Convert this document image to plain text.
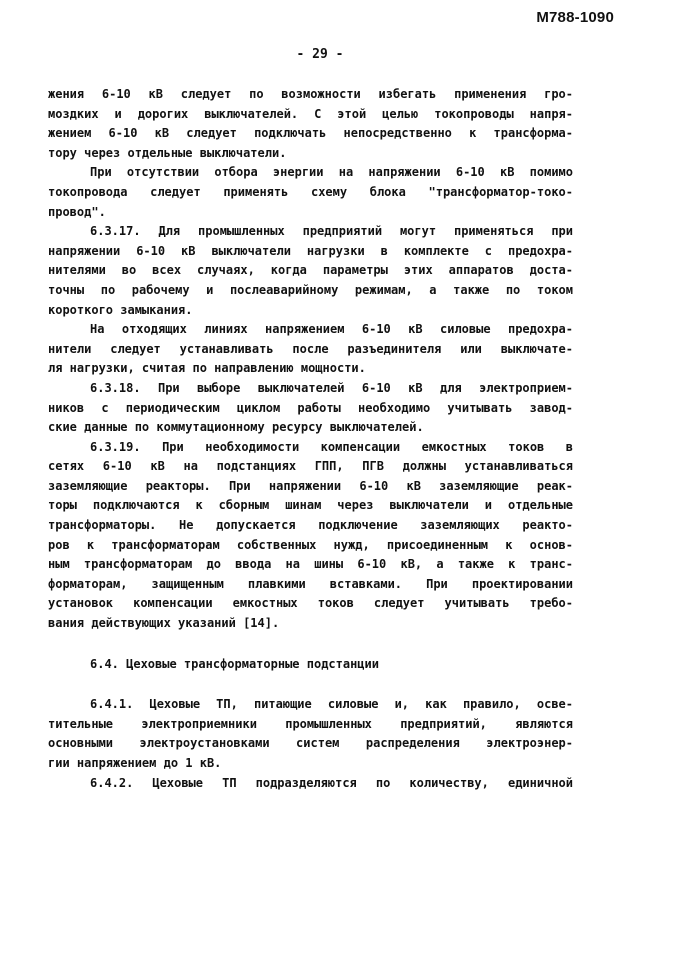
М788-1090
- 29 -
жения 6-10 кВ следует по возможности избегать применения гро-
моздких и дорогих выключателей. С этой целью токопроводы напря-
жением 6-10 кВ следует подключать непосредственно к трансформа-
тору через отдельные выключатели.
При отсутствии отбора энергии на напряжении 6-10 кВ помимо
токопровода следует применять схему блока "трансформатор-токо-
провод".
6.3.17. Для промышленных предприятий могут применяться при
напряжении 6-10 кВ выключатели нагрузки в комплекте с предохра-
нителями во всех случаях, когда параметры этих аппаратов доста-
точны по рабочему и послеаварийному режимам, а также по током
короткого замыкания.
На отходящих линиях напряжением 6-10 кВ силовые предохра-
нители следует устанавливать после разъединителя или выключате-
ля нагрузки, считая по направлению мощности.
6.3.18. При выборе выключателей 6-10 кВ для электроприем-
ников с периодическим циклом работы необходимо учитывать завод-
ские данные по коммутационному ресурсу выключателей.
6.3.19. При необходимости компенсации емкостных токов в
сетях 6-10 кВ на подстанциях ГПП, ПГВ должны устанавливаться
заземляющие реакторы. При напряжении 6-10 кВ заземляющие реак-
торы подключаются к сборным шинам через выключатели и отдельные
трансформаторы. Не допускается подключение заземляющих реакто-
ров к трансформаторам собственных нужд, присоединенным к основ-
ным трансформаторам до ввода на шины 6-10 кВ, а также к транс-
форматорам, защищенным плавкими вставками. При проектировании
установок компенсации емкостных токов следует учитывать требо-
вания действующих указаний [14].
6.4. Цеховые трансформаторные подстанции
6.4.1. Цеховые ТП, питающие силовые и, как правило, осве-
тительные электроприемники промышленных предприятий, являются
основными электроустановками систем распределения электроэнер-
гии напряжением до 1 кВ.
6.4.2. Цеховые ТП подразделяются по количеству, единичной
